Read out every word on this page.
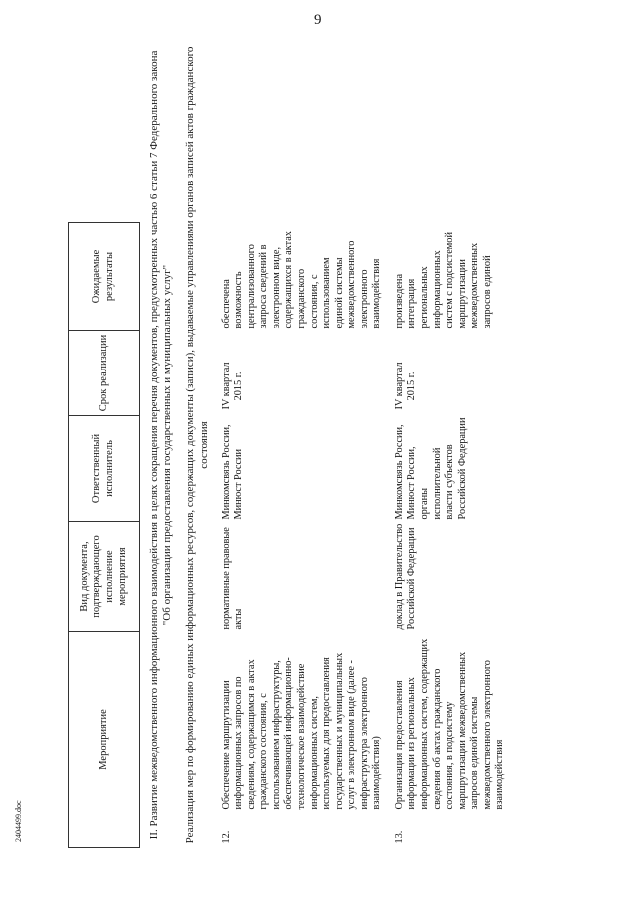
9
Мероприятие	Вид документа, подтверждающего исполнение мероприятия	Ответственный исполнитель	Срок реализации	Ожидаемые результаты	
II. Развитие межведомственного информационного взаимодействия в целях сокращения перечня документов, предусмотренных частью 6 статьи 7 Федерального закона "Об организации предоставления государственных и муниципальных услуг"					
Реализация мер по формированию единых информационных ресурсов, содержащих документы (записи), выдаваемые управлениями органов записей актов гражданского состояния					

12.
Обеспечение маршрутизации информационных запросов по сведениям, содержащимся в актах гражданского состояния, с использованием инфраструктуры, обеспечивающей информационно-технологическое взаимодействие информационных систем, используемых для предоставления государственных и муниципальных услуг в электронном виде (далее - инфраструктура электронного взаимодействия)	нормативные правовые акты	Минкомсвязь России, Минюст России	IV квартал 2015 г.	обеспечена возможность централизованного запроса сведений в электронном виде, содержащихся в актах гражданского состояния, с использованием единой системы межведомственного электронного взаимодействия	

13.
Организация предоставления информации из региональных информационных систем, содержащих сведения об актах гражданского состояния, в подсистему маршрутизации межведомственных запросов единой системы межведомственного электронного взаимодействия	доклад в Правительство Российской Федерации	Минкомсвязь России, Минюст России, органы исполнительной власти субъектов Российской Федерации	IV квартал 2015 г.	произведена интеграция региональных информационных систем с подсистемой маршрутизации межведомственных запросов единой	
2404499.doc
